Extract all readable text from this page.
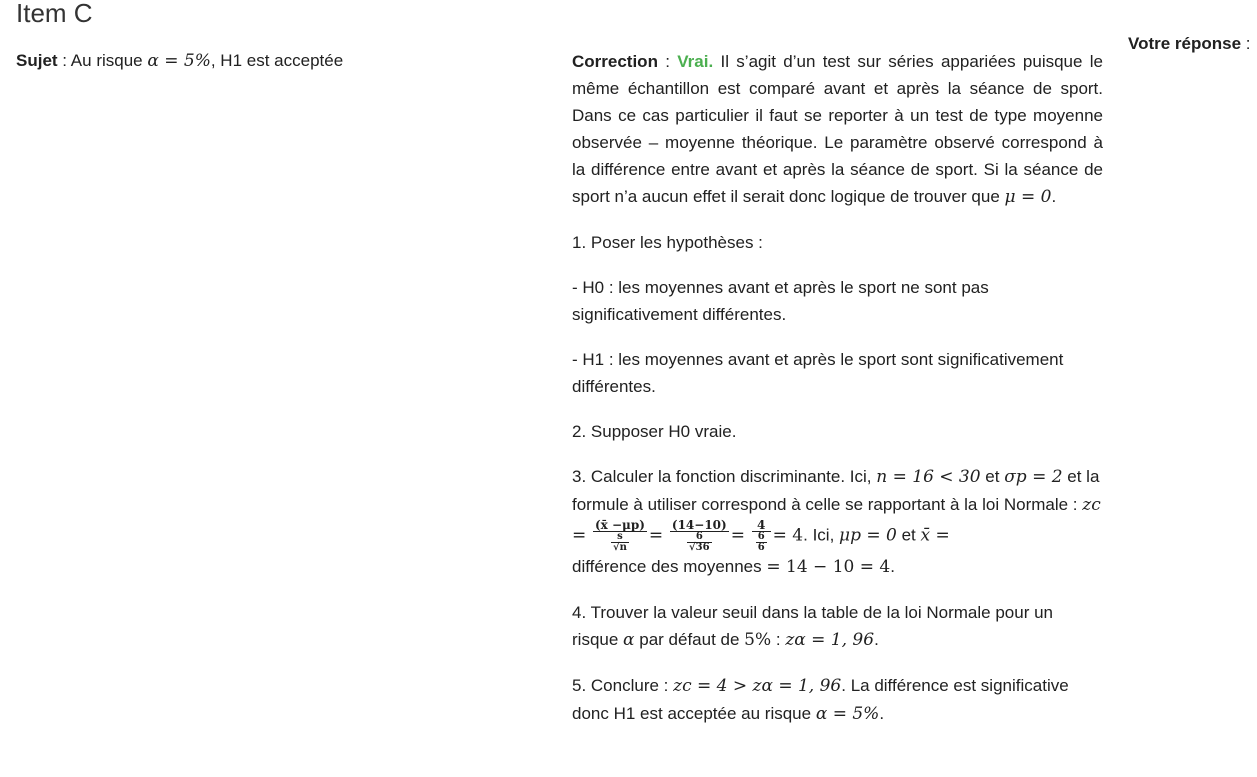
Item C
Sujet : Au risque α = 5%, H1 est acceptée	Correction : Vrai. Il s’agit d’un test sur séries appariées puisque le même échantillon est comparé avant et après la séance de sport. Dans ce cas particulier il faut se reporter à un test de type moyenne observée – moyenne théorique. Le paramètre observé correspond à la différence entre avant et après la séance de sport. Si la séance de sport n’a aucun effet il serait donc logique de trouver que μ = 0.

1. Poser les hypothèses :

- H0 : les moyennes avant et après le sport ne sont pas significativement différentes.

- H1 : les moyennes avant et après le sport sont significativement différentes.

2. Supposer H0 vraie.

3. Calculer la fonction discriminante. Ici, n = 16 < 30 et σp = 2 et la formule à utiliser correspond à celle se rapportant à la loi Normale : zc = $\frac{(x̄ -\mu p)}{\frac{s}{√n}} = \frac{(14-10)}{\frac{6}{√36}} = \frac{4}{\frac{6}{6}} = 4$. Ici, μp = 0 et x̄ =
différence des moyennes = 14 − 10 = 4.

4. Trouver la valeur seuil dans la table de la loi Normale pour un risque α par défaut de 5% : zα = 1, 96.

5. Conclure : zc = 4 > zα = 1, 96. La différence est significative donc H1 est acceptée au risque α = 5%.

Votre réponse :
